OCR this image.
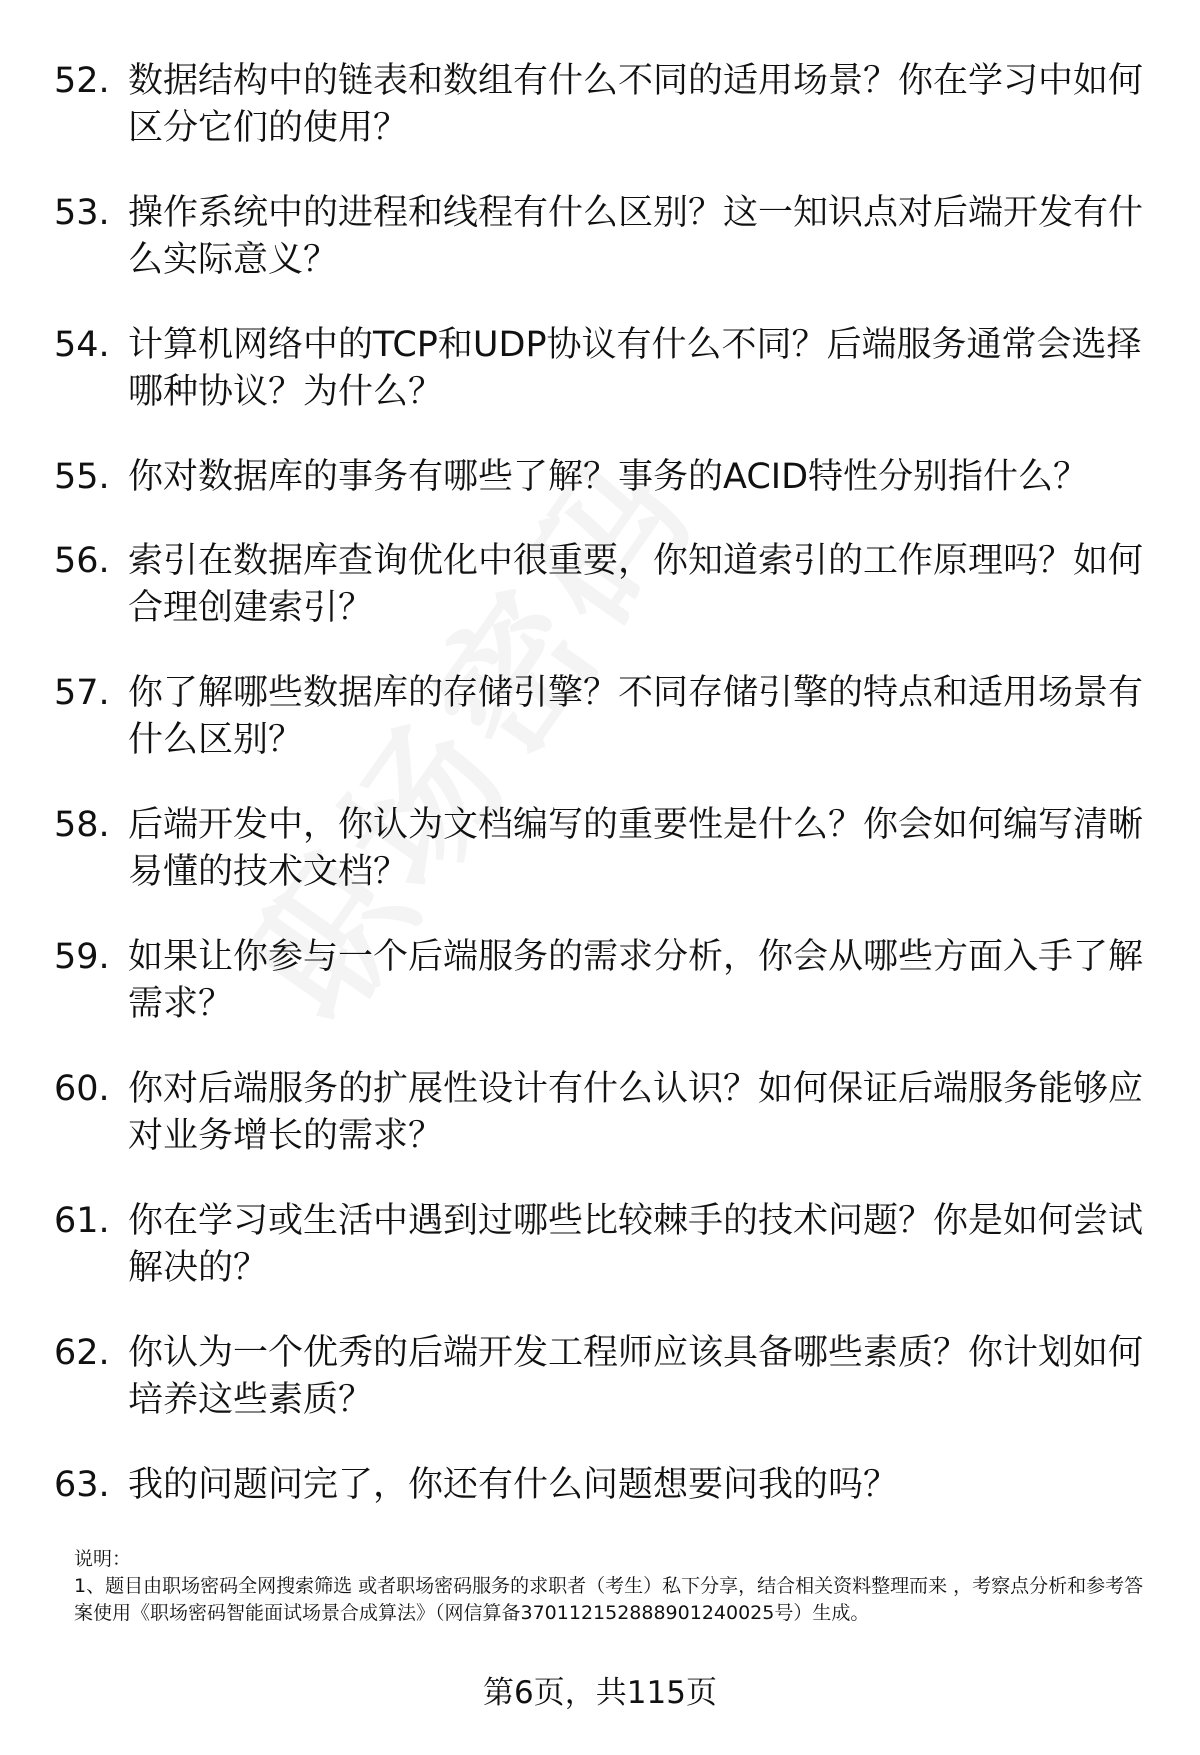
52. 数据结构中的链表和数组有什么不同的适用场景？你在学习中如何区分它们的使用？
53. 操作系统中的进程和线程有什么区别？这一知识点对后端开发有什么实际意义？
54. 计算机网络中的TCP和UDP协议有什么不同？后端服务通常会选择哪种协议？为什么？
55. 你对数据库的事务有哪些了解？事务的ACID特性分别指什么？
56. 索引在数据库查询优化中很重要，你知道索引的工作原理吗？如何合理创建索引？
57. 你了解哪些数据库的存储引擎？不同存储引擎的特点和适用场景有什么区别？
58. 后端开发中，你认为文档编写的重要性是什么？你会如何编写清晰易懂的技术文档？
59. 如果让你参与一个后端服务的需求分析，你会从哪些方面入手了解需求？
60. 你对后端服务的扩展性设计有什么认识？如何保证后端服务能够应对业务增长的需求？
61. 你在学习或生活中遇到过哪些比较棘手的技术问题？你是如何尝试解决的？
62. 你认为一个优秀的后端开发工程师应该具备哪些素质？你计划如何培养这些素质？
63. 我的问题问完了，你还有什么问题想要问我的吗？

说明：

1、题目由职场密码全网搜索筛选 或者职场密码服务的求职者（考生）私下分享，结合相关资料整理而来 ，考察点分析和参考答案使用《职场密码智能面试场景合成算法》（网信算备370112152888901240025号）生成。

第6页，共115页
